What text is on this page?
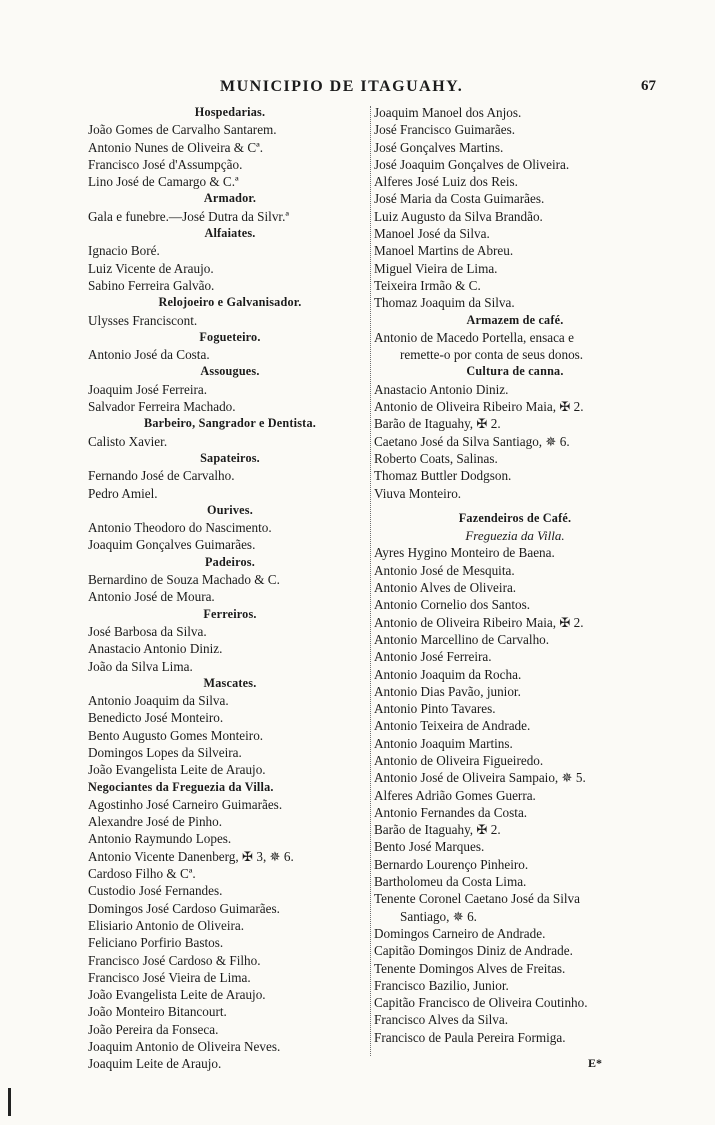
MUNICIPIO DE ITAGUAHY.	67
Hospedarias.
João Gomes de Carvalho Santarem.
Antonio Nunes de Oliveira & Cª.
Francisco José d'Assumpção.
Lino José de Camargo & C.ª
Armador.
Gala e funebre.—José Dutra da Silvr.ª
Alfaiates.
Ignacio Boré.
Luiz Vicente de Araujo.
Sabino Ferreira Galvão.
Relojoeiro e Galvanisador.
Ulysses Franciscont.
Fogueteiro.
Antonio José da Costa.
Assougues.
Joaquim José Ferreira.
Salvador Ferreira Machado.
Barbeiro, Sangrador e Dentista.
Calisto Xavier.
Sapateiros.
Fernando José de Carvalho.
Pedro Amiel.
Ourives.
Antonio Theodoro do Nascimento.
Joaquim Gonçalves Guimarães.
Padeiros.
Bernardino de Souza Machado & C.
Antonio José de Moura.
Ferreiros.
José Barbosa da Silva.
Anastacio Antonio Diniz.
João da Silva Lima.
Mascates.
Antonio Joaquim da Silva.
Benedicto José Monteiro.
Bento Augusto Gomes Monteiro.
Domingos Lopes da Silveira.
João Evangelista Leite de Araujo.
Negociantes da Freguezia da Villa.
Agostinho José Carneiro Guimarães.
Alexandre José de Pinho.
Antonio Raymundo Lopes.
Antonio Vicente Danenberg, ✠ 3, ✵ 6.
Cardoso Filho & Cª.
Custodio José Fernandes.
Domingos José Cardoso Guimarães.
Elisiario Antonio de Oliveira.
Feliciano Porfirio Bastos.
Francisco José Cardoso & Filho.
Francisco José Vieira de Lima.
João Evangelista Leite de Araujo.
João Monteiro Bitancourt.
João Pereira da Fonseca.
Joaquim Antonio de Oliveira Neves.
Joaquim Leite de Araujo.
Joaquim Manoel dos Anjos.
José Francisco Guimarães.
José Gonçalves Martins.
José Joaquim Gonçalves de Oliveira.
Alferes José Luiz dos Reis.
José Maria da Costa Guimarães.
Luiz Augusto da Silva Brandão.
Manoel José da Silva.
Manoel Martins de Abreu.
Miguel Vieira de Lima.
Teixeira Irmão & C.
Thomaz Joaquim da Silva.
Armazem de café.
Antonio de Macedo Portella, ensaca e
remette-o por conta de seus donos.
Cultura de canna.
Anastacio Antonio Diniz.
Antonio de Oliveira Ribeiro Maia, ✠ 2.
Barão de Itaguahy, ✠ 2.
Caetano José da Silva Santiago, ✵ 6.
Roberto Coats, Salinas.
Thomaz Buttler Dodgson.
Viuva Monteiro.
Fazendeiros de Café.
Freguezia da Villa.
Ayres Hygino Monteiro de Baena.
Antonio José de Mesquita.
Antonio Alves de Oliveira.
Antonio Cornelio dos Santos.
Antonio de Oliveira Ribeiro Maia, ✠ 2.
Antonio Marcellino de Carvalho.
Antonio José Ferreira.
Antonio Joaquim da Rocha.
Antonio Dias Pavão, junior.
Antonio Pinto Tavares.
Antonio Teixeira de Andrade.
Antonio Joaquim Martins.
Antonio de Oliveira Figueiredo.
Antonio José de Oliveira Sampaio, ✵ 5.
Alferes Adrião Gomes Guerra.
Antonio Fernandes da Costa.
Barão de Itaguahy, ✠ 2.
Bento José Marques.
Bernardo Lourenço Pinheiro.
Bartholomeu da Costa Lima.
Tenente Coronel Caetano José da Silva
Santiago, ✵ 6.
Domingos Carneiro de Andrade.
Capitão Domingos Diniz de Andrade.
Tenente Domingos Alves de Freitas.
Francisco Bazilio, Junior.
Capitão Francisco de Oliveira Coutinho.
Francisco Alves da Silva.
Francisco de Paula Pereira Formiga.
E*
